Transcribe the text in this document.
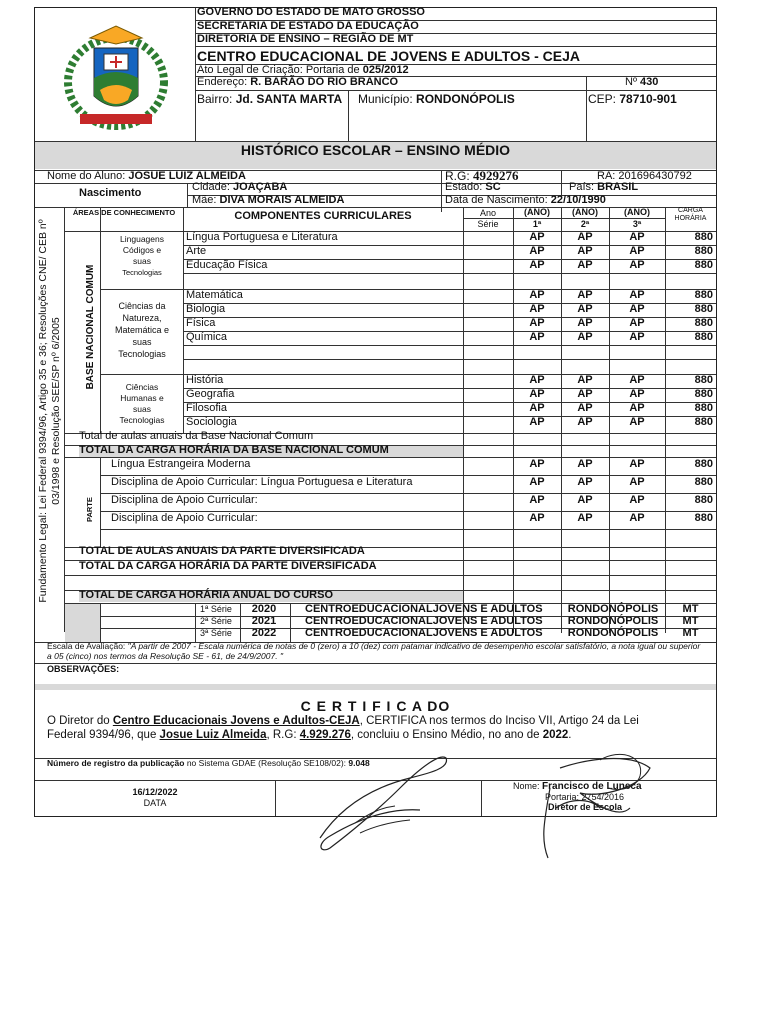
GOVERNO DO ESTADO DE MATO GROSSO
SECRETARIA DE ESTADO DA EDUCAÇÃO
DIRETORIA DE ENSINO – REGIÃO DE MT
CENTRO EDUCACIONAL DE JOVENS E ADULTOS - CEJA
Ato Legal de Criação: Portaria de 025/2012
Endereço: R. BARÃO DO RIO BRANCO	Nº 430
Bairro: Jd. SANTA MARTA Município: RONDONÓPOLIS	CEP: 78710-901
HISTÓRICO ESCOLAR – ENSINO MÉDIO
Nome do Aluno: JOSUE LUIZ ALMEIDA	R.G: 4929276	RA: 201696430792
Nascimento	Cidade: JOAÇABA	Estado: SC	País: BRASIL
Mãe: DIVA MORAIS ALMEIDA	Data de Nascimento: 22/10/1990
Fundamento Legal: Lei Federal 9394/96, Artigo 35 e 36; Resoluções CNE/ CEB nº 03/1998 e Resolução SEE/SP nº 6/2005
ÁREAS DE CONHECIMENTO	COMPONENTES CURRICULARES	Ano
Série
(ANO)	(ANO)	(ANO)
1ª	2ª	3ª
CARGA HORÁRIA
BASE NACIONAL COMUM
Linguagens
Códigos e
suas
Tecnologias
Ciências da
Natureza,
Matemática e
suas
Tecnologias
Ciências
Humanas e
suas
Tecnologias
Língua Portuguesa e Literatura	AP	AP	AP	880
Arte	AP	AP	AP	880
Educação Física	AP	AP	AP	880
Matemática	AP	AP	AP	880
Biologia	AP	AP	AP	880
Física	AP	AP	AP	880
Química	AP	AP	AP	880
História	AP	AP	AP	880
Geografia	AP	AP	AP	880
Filosofia	AP	AP	AP	880
Sociologia	AP	AP	AP	880
Total de aulas anuais da Base Nacional Comum
TOTAL DA CARGA HORÁRIA DA BASE NACIONAL COMUM
PARTE
Língua Estrangeira Moderna	AP	AP	AP	880
Disciplina de Apoio Curricular: Língua Portuguesa e Literatura	AP	AP	AP	880
Disciplina de Apoio Curricular:	AP	AP	AP	880
Disciplina de Apoio Curricular:	AP	AP	AP	880
TOTAL DE AULAS ANUAIS DA PARTE DIVERSIFICADA
TOTAL DA CARGA HORÁRIA DA PARTE DIVERSIFICADA
TOTAL DE CARGA HORÁRIA ANUAL DO CURSO
1ª Série	2020	CENTROEDUCACIONALJOVENS E ADULTOS	RONDONÓPOLIS	MT
2ª Série	2021	CENTROEDUCACIONALJOVENS E ADULTOS	RONDONÓPOLIS	MT
3ª Série	2022	CENTROEDUCACIONALJOVENS E ADULTOS	RONDONÓPOLIS	MT
Escala de Avaliação: "A partir de 2007 - Escala numérica de notas de 0 (zero) a 10 (dez) com patamar indicativo de desempenho escolar satisfatório, a nota igual ou superior a 05 (cinco) nos termos da Resolução SE - 61, de 24/9/2007. "
OBSERVAÇÕES:
C E R T I F I C A DO
O Diretor do Centro Educacionais Jovens e Adultos-CEJA, CERTIFICA nos termos do Inciso VII, Artigo 24 da Lei
Federal 9394/96, que Josue Luiz Almeida, R.G: 4.929.276, concluiu o Ensino Médio, no ano de 2022.
Número de registro da publicação no Sistema GDAE (Resolução SE108/02): 9.048
16/12/2022
DATA
Nome: Francisco de Luneca
Portaria: 2754/2016
Diretor de Escola
